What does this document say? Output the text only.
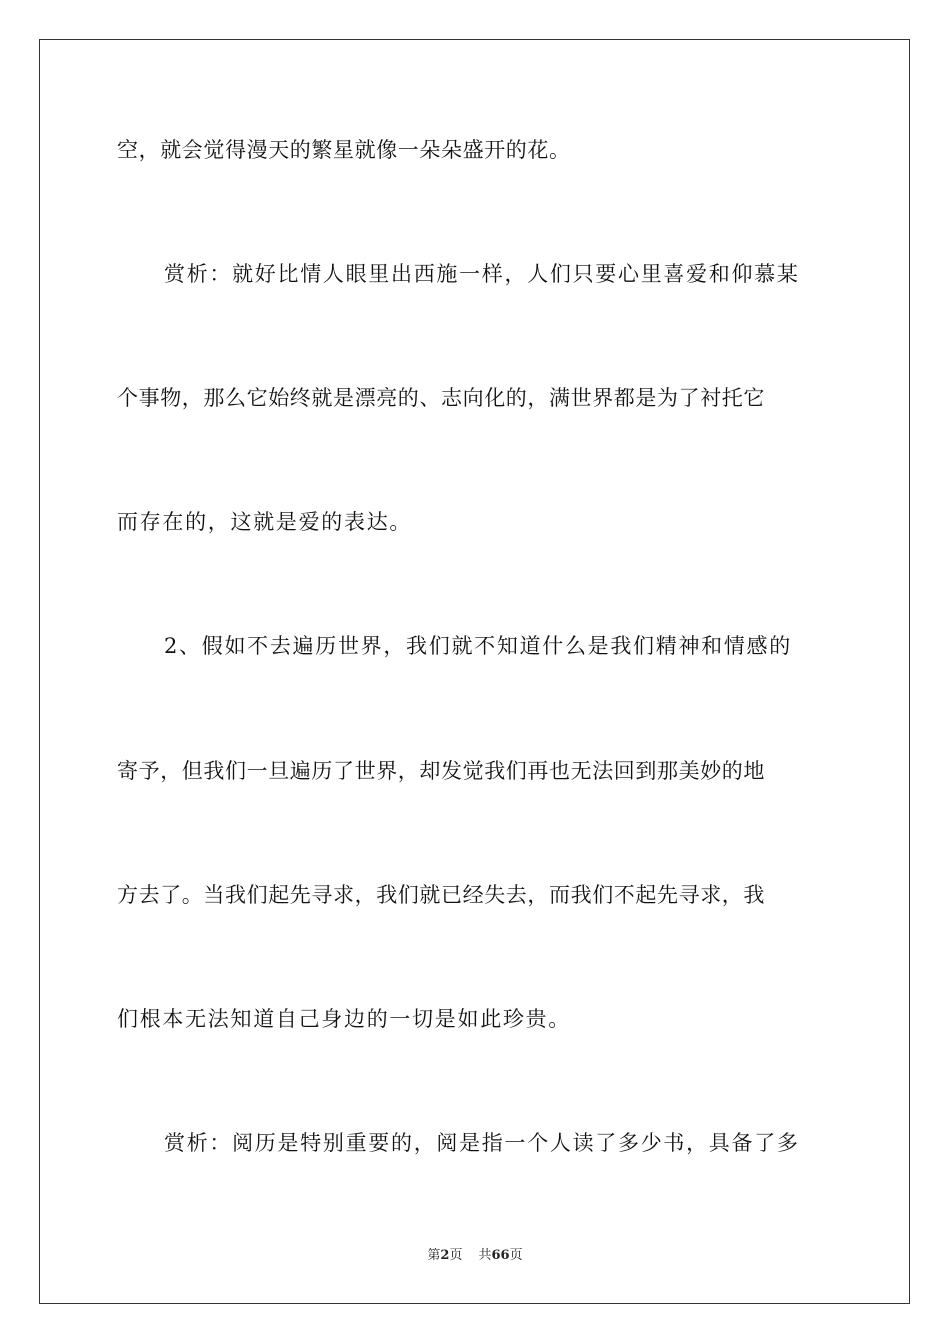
空，就会觉得漫天的繁星就像一朵朵盛开的花。
赏析：就好比情人眼里出西施一样，人们只要心里喜爱和仰慕某
个事物，那么它始终就是漂亮的、志向化的，满世界都是为了衬托它
而存在的，这就是爱的表达。
2、假如不去遍历世界，我们就不知道什么是我们精神和情感的
寄予，但我们一旦遍历了世界，却发觉我们再也无法回到那美妙的地
方去了。当我们起先寻求，我们就已经失去，而我们不起先寻求，我
们根本无法知道自己身边的一切是如此珍贵。
赏析：阅历是特别重要的，阅是指一个人读了多少书，具备了多
第2页 共66页
